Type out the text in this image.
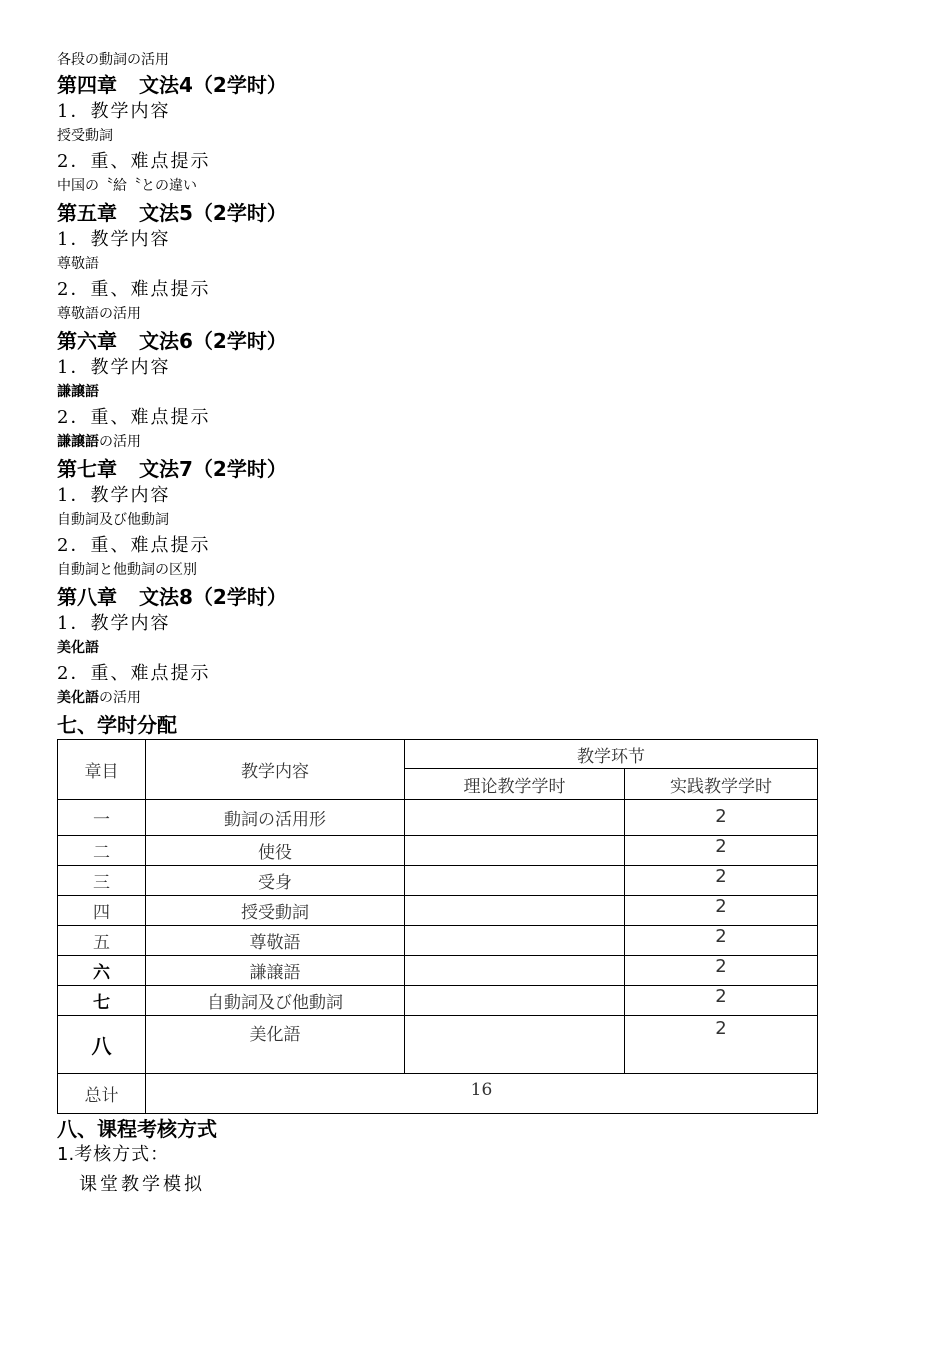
各段の動詞の活用
第四章 文法4（2学时）
1．教学内容
授受動詞
2．重、难点提示
中国の〝給〝との違い
第五章 文法5（2学时）
1．教学内容
尊敬語
2．重、难点提示
尊敬語の活用
第六章 文法6（2学时）
1．教学内容
謙譲語
2．重、难点提示
謙譲語の活用
第七章 文法7（2学时）
1．教学内容
自動詞及び他動詞
2．重、难点提示
自動詞と他動詞の区別
第八章 文法8（2学时）
1．教学内容
美化語
2．重、难点提示
美化語の活用
七、学时分配
章目	教学内容	教学环节	
		理论教学学时	实践教学学时
一	動詞の活用形		2
二	使役		2
三	受身		2
四	授受動詞		2
五	尊敬語		2
六	謙譲語		2
七	自動詞及び他動詞		2
八	美化語		2
总计	16		
八、课程考核方式
1.考核方式：
课堂教学模拟
